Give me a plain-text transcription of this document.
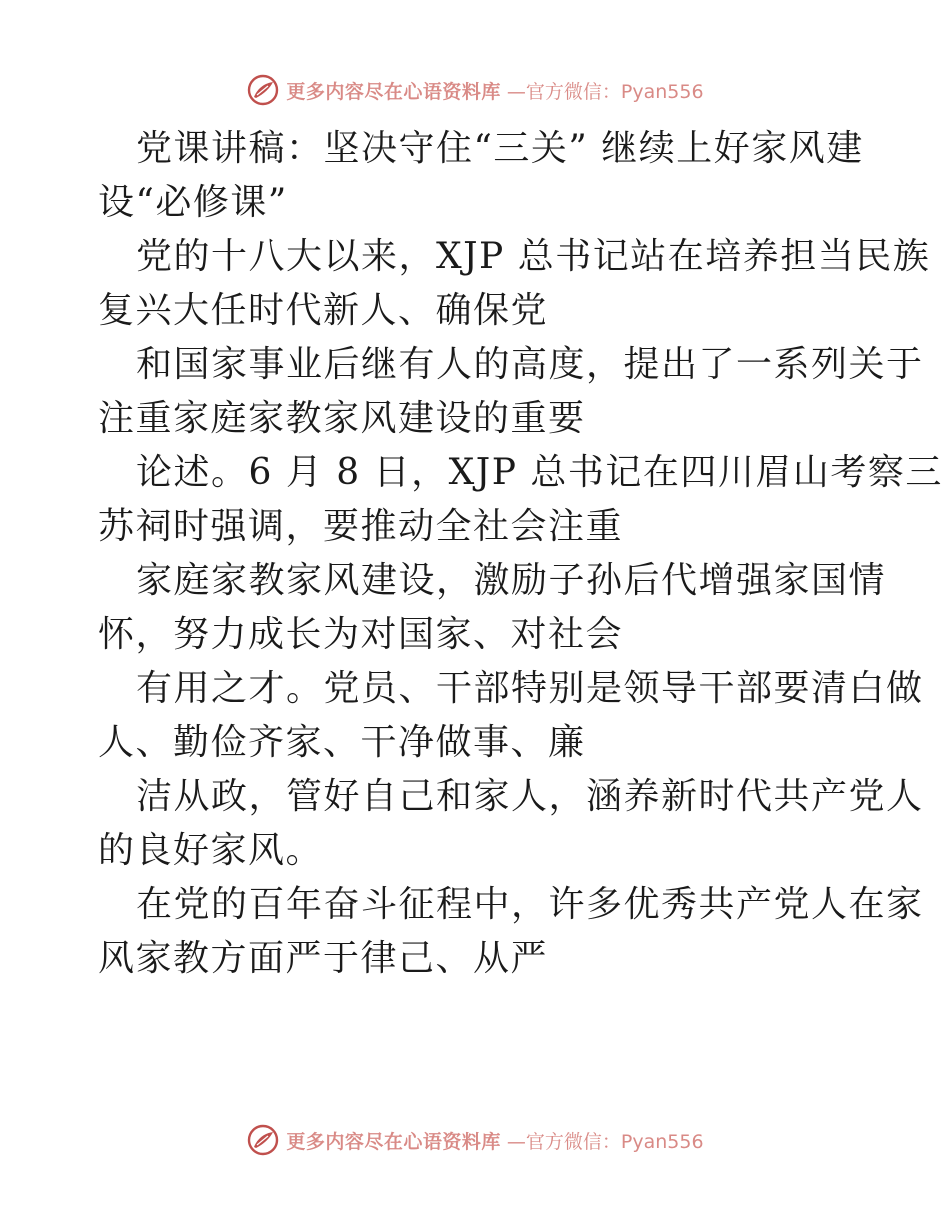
更多内容尽在心语资料库 —官方微信：Pyan556
党课讲稿：坚决守住“三关” 继续上好家风建
设“必修课”
党的十八大以来，XJP 总书记站在培养担当民族
复兴大任时代新人、确保党
和国家事业后继有人的高度，提出了一系列关于
注重家庭家教家风建设的重要
论述。6 月 8 日，XJP 总书记在四川眉山考察三
苏祠时强调，要推动全社会注重
家庭家教家风建设，激励子孙后代增强家国情
怀，努力成长为对国家、对社会
有用之才。党员、干部特别是领导干部要清白做
人、勤俭齐家、干净做事、廉
洁从政，管好自己和家人，涵养新时代共产党人
的良好家风。
在党的百年奋斗征程中，许多优秀共产党人在家
风家教方面严于律己、从严
更多内容尽在心语资料库 —官方微信：Pyan556
